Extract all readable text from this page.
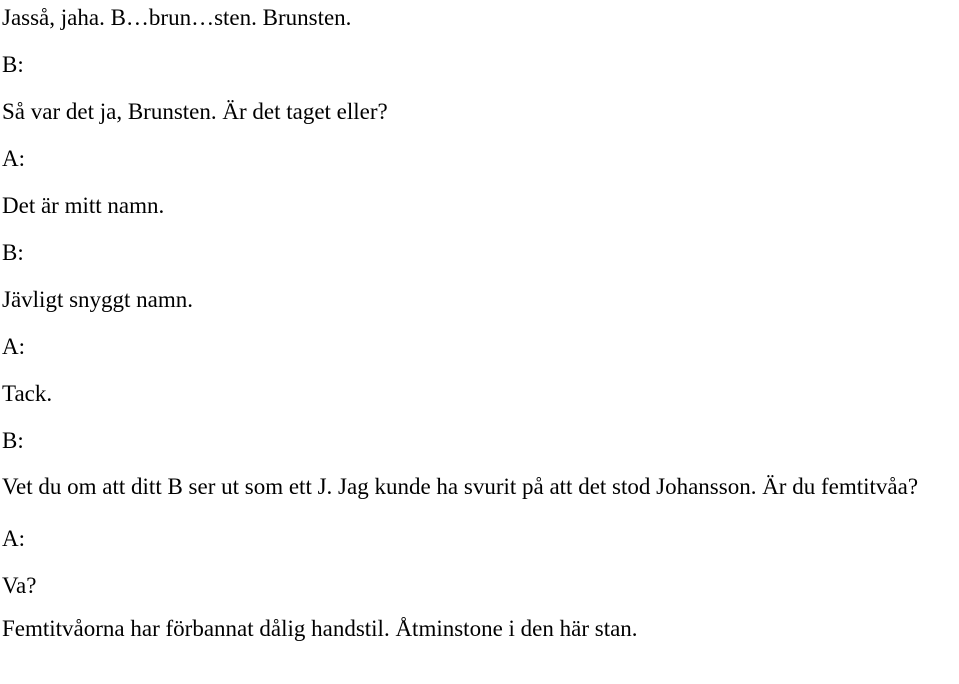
Jasså, jaha. B…brun…sten. Brunsten.

B:

Så var det ja, Brunsten. Är det taget eller?

A:

Det är mitt namn.

B:

Jävligt snyggt namn.

A:

Tack.

B:

Vet du om att ditt B ser ut som ett J. Jag kunde ha svurit på att det stod Johansson. Är du femtitvåa?

A:

Va?

Femtitvåorna har förbannat dålig handstil. Åtminstone i den här stan.
